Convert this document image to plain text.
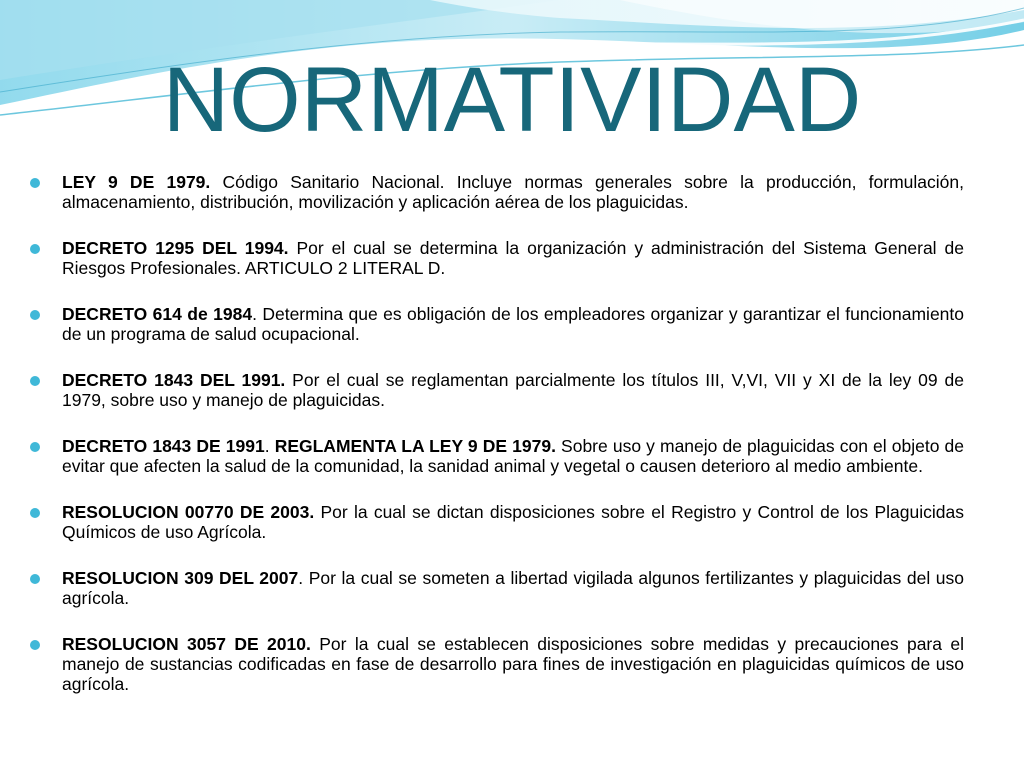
NORMATIVIDAD
LEY 9 DE 1979. Código Sanitario Nacional. Incluye normas generales sobre la producción, formulación, almacenamiento, distribución, movilización y aplicación aérea de los plaguicidas.
DECRETO 1295 DEL 1994. Por el cual se determina la organización y administración del Sistema General de Riesgos Profesionales. ARTICULO 2 LITERAL D.
DECRETO 614 de 1984. Determina que es obligación de los empleadores organizar y garantizar el funcionamiento de un programa de salud ocupacional.
DECRETO 1843 DEL 1991. Por el cual se reglamentan parcialmente los títulos III, V,VI, VII y XI de la ley 09 de 1979, sobre uso y manejo de plaguicidas.
DECRETO 1843 DE 1991. REGLAMENTA LA LEY 9 DE 1979. Sobre uso y manejo de plaguicidas con el objeto de evitar que afecten la salud de la comunidad, la sanidad animal y vegetal o causen deterioro al medio ambiente.
RESOLUCION 00770 DE 2003. Por la cual se dictan disposiciones sobre el Registro y Control de los Plaguicidas Químicos de uso Agrícola.
RESOLUCION 309 DEL 2007. Por la cual se someten a libertad vigilada algunos fertilizantes y plaguicidas del uso agrícola.
RESOLUCION 3057 DE 2010. Por la cual se establecen disposiciones sobre medidas y precauciones para el manejo de sustancias codificadas en fase de desarrollo para fines de investigación en plaguicidas químicos de uso agrícola.
